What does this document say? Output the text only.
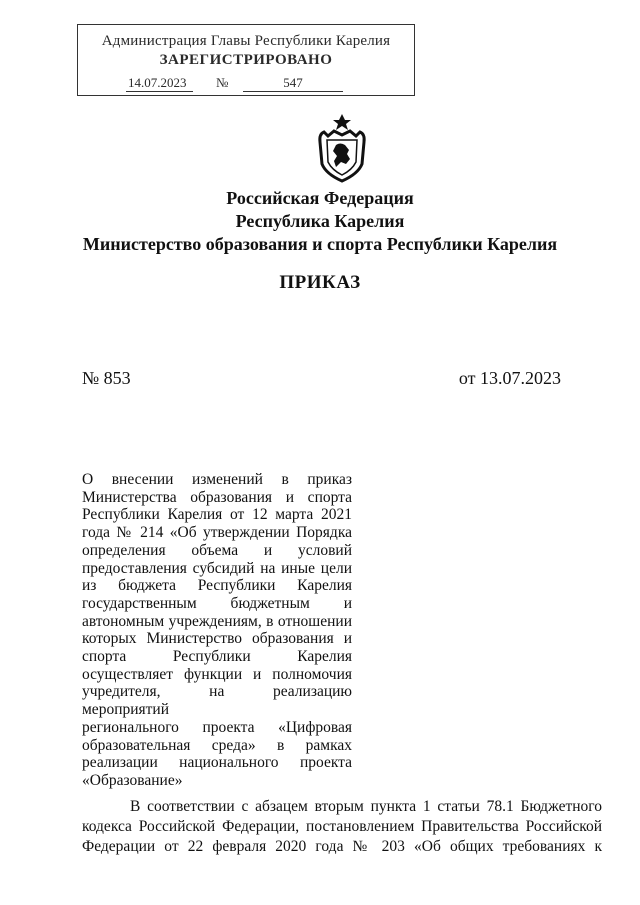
Администрация Главы Республики Карелия
ЗАРЕГИСТРИРОВАНО
14.07.2023	№	547
Российская Федерация
Республика Карелия
Министерство образования и спорта Республики Карелия
ПРИКАЗ
№ 853	от 13.07.2023
О внесении изменений в приказ
Министерства образования и спорта
Республики Карелия от 12 марта 2021
года № 214 «Об утверждении Порядка
определения объема и условий
предоставления субсидий на иные цели
из бюджета Республики Карелия
государственным бюджетным и
автономным учреждениям, в отношении
которых Министерство образования и
спорта Республики Карелия
осуществляет функции и полномочия
учредителя, на реализацию мероприятий
регионального проекта «Цифровая
образовательная среда» в рамках
реализации национального проекта
«Образование»
В соответствии с абзацем вторым пункта 1 статьи 78.1 Бюджетного
кодекса Российской Федерации, постановлением Правительства Российской
Федерации от 22 февраля 2020 года № 203 «Об общих требованиях к
